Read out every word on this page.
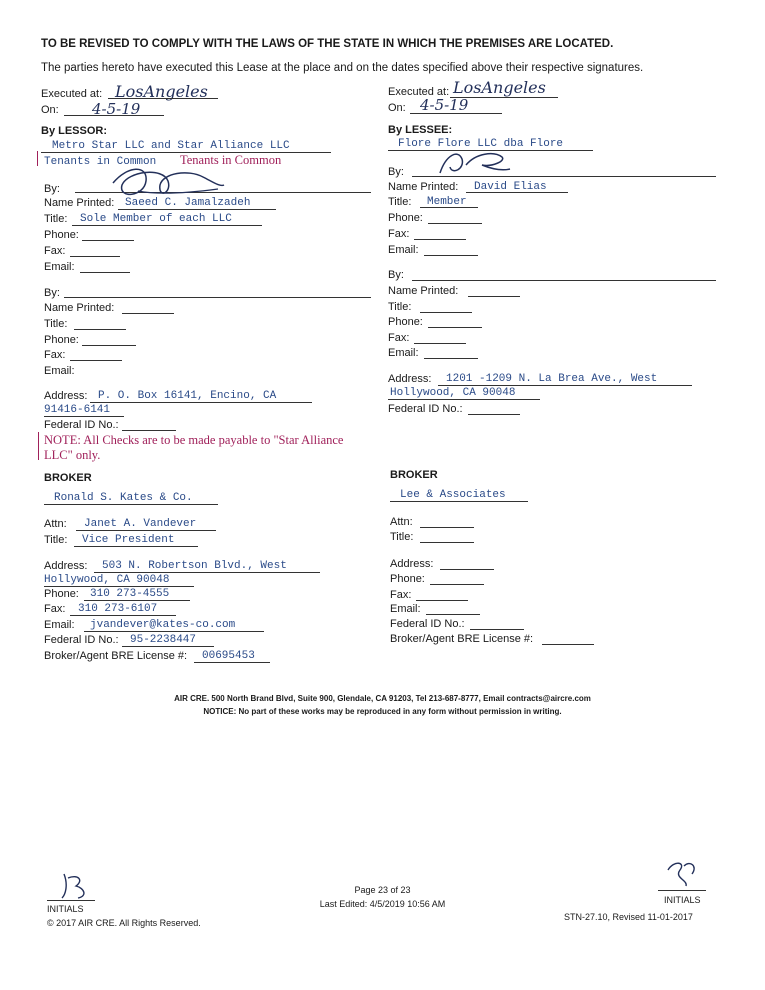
TO BE REVISED TO COMPLY WITH THE LAWS OF THE STATE IN WHICH THE PREMISES ARE LOCATED.
The parties hereto have executed this Lease at the place and on the dates specified above their respective signatures.
Executed at: LosAngeles
On: 4-5-19
By LESSOR:
Metro Star LLC and Star Alliance LLC
Tenants in Common Tenants in Common
By:
Name Printed: Saeed C. Jamalzadeh
Title: Sole Member of each LLC
Phone:
Fax:
Email:
By:
Name Printed:
Title:
Phone:
Fax:
Email:
Address: P. O. Box 16141, Encino, CA
91416-6141
Federal ID No.:
NOTE: All Checks are to be made payable to "Star Alliance
LLC" only.
Executed at: LosAngeles
On: 4-5-19
By LESSEE:
Flore Flore LLC dba Flore
By:
Name Printed: David Elias
Title: Member
Phone:
Fax:
Email:
By:
Name Printed:
Title:
Phone:
Fax:
Email:
Address: 1201 -1209 N. La Brea Ave., West
Hollywood, CA 90048
Federal ID No.:
BROKER
Ronald S. Kates & Co.
Attn: Janet A. Vandever
Title: Vice President
Address: 503 N. Robertson Blvd., West
Hollywood, CA 90048
Phone: 310 273-4555
Fax: 310 273-6107
Email: jvandever@kates-co.com
Federal ID No.: 95-2238447
Broker/Agent BRE License #: 00695453
BROKER
Lee & Associates
Attn:
Title:
Address:
Phone:
Fax:
Email:
Federal ID No.:
Broker/Agent BRE License #:
AIR CRE. 500 North Brand Blvd, Suite 900, Glendale, CA 91203, Tel 213-687-8777, Email contracts@aircre.com
NOTICE: No part of these works may be reproduced in any form without permission in writing.
INITIALS
INITIALS
Page 23 of 23
Last Edited: 4/5/2019 10:56 AM
© 2017 AIR CRE. All Rights Reserved.
STN-27.10, Revised 11-01-2017
